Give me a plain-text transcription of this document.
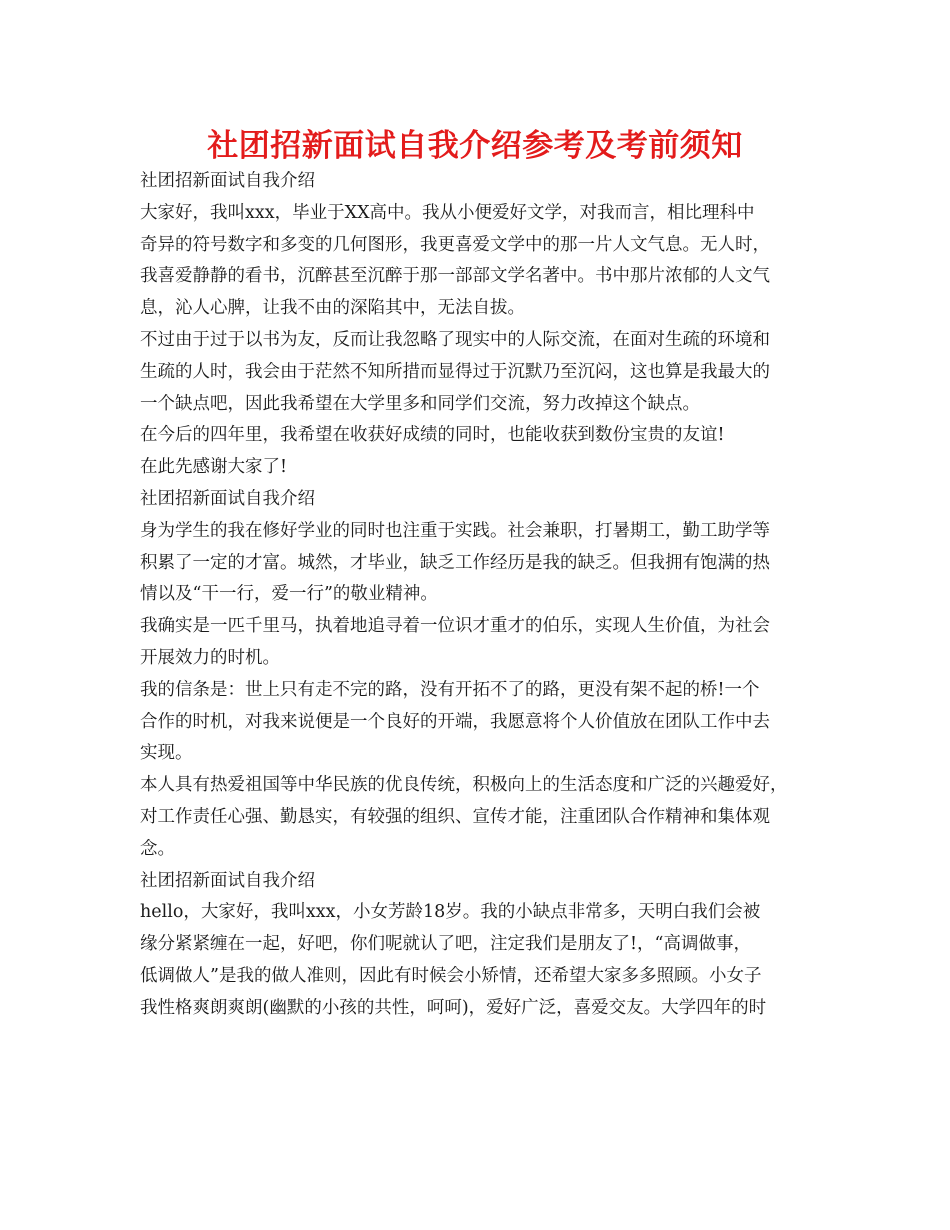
社团招新面试自我介绍参考及考前须知
社团招新面试自我介绍
大家好，我叫xxx，毕业于XX高中。我从小便爱好文学，对我而言，相比理科中
奇异的符号数字和多变的几何图形，我更喜爱文学中的那一片人文气息。无人时，
我喜爱静静的看书，沉醉甚至沉醉于那一部部文学名著中。书中那片浓郁的人文气
息，沁人心脾，让我不由的深陷其中，无法自拔。
不过由于过于以书为友，反而让我忽略了现实中的人际交流，在面对生疏的环境和
生疏的人时，我会由于茫然不知所措而显得过于沉默乃至沉闷，这也算是我最大的
一个缺点吧，因此我希望在大学里多和同学们交流，努力改掉这个缺点。
在今后的四年里，我希望在收获好成绩的同时，也能收获到数份宝贵的友谊!
在此先感谢大家了!
社团招新面试自我介绍
身为学生的我在修好学业的同时也注重于实践。社会兼职，打暑期工，勤工助学等
积累了一定的才富。城然，才毕业，缺乏工作经历是我的缺乏。但我拥有饱满的热
情以及“干一行，爱一行”的敬业精神。
我确实是一匹千里马，执着地追寻着一位识才重才的伯乐，实现人生价值，为社会
开展效力的时机。
我的信条是：世上只有走不完的路，没有开拓不了的路，更没有架不起的桥!一个
合作的时机，对我来说便是一个良好的开端，我愿意将个人价值放在团队工作中去
实现。
本人具有热爱祖国等中华民族的优良传统，积极向上的生活态度和广泛的兴趣爱好，
对工作责任心强、勤恳实，有较强的组织、宣传才能，注重团队合作精神和集体观
念。
社团招新面试自我介绍
hello，大家好，我叫xxx，小女芳龄18岁。我的小缺点非常多，天明白我们会被
缘分紧紧缠在一起，好吧，你们呢就认了吧，注定我们是朋友了!，“高调做事，
低调做人”是我的做人准则，因此有时候会小矫情，还希望大家多多照顾。小女子
我性格爽朗爽朗(幽默的小孩的共性，呵呵)，爱好广泛，喜爱交友。大学四年的时
